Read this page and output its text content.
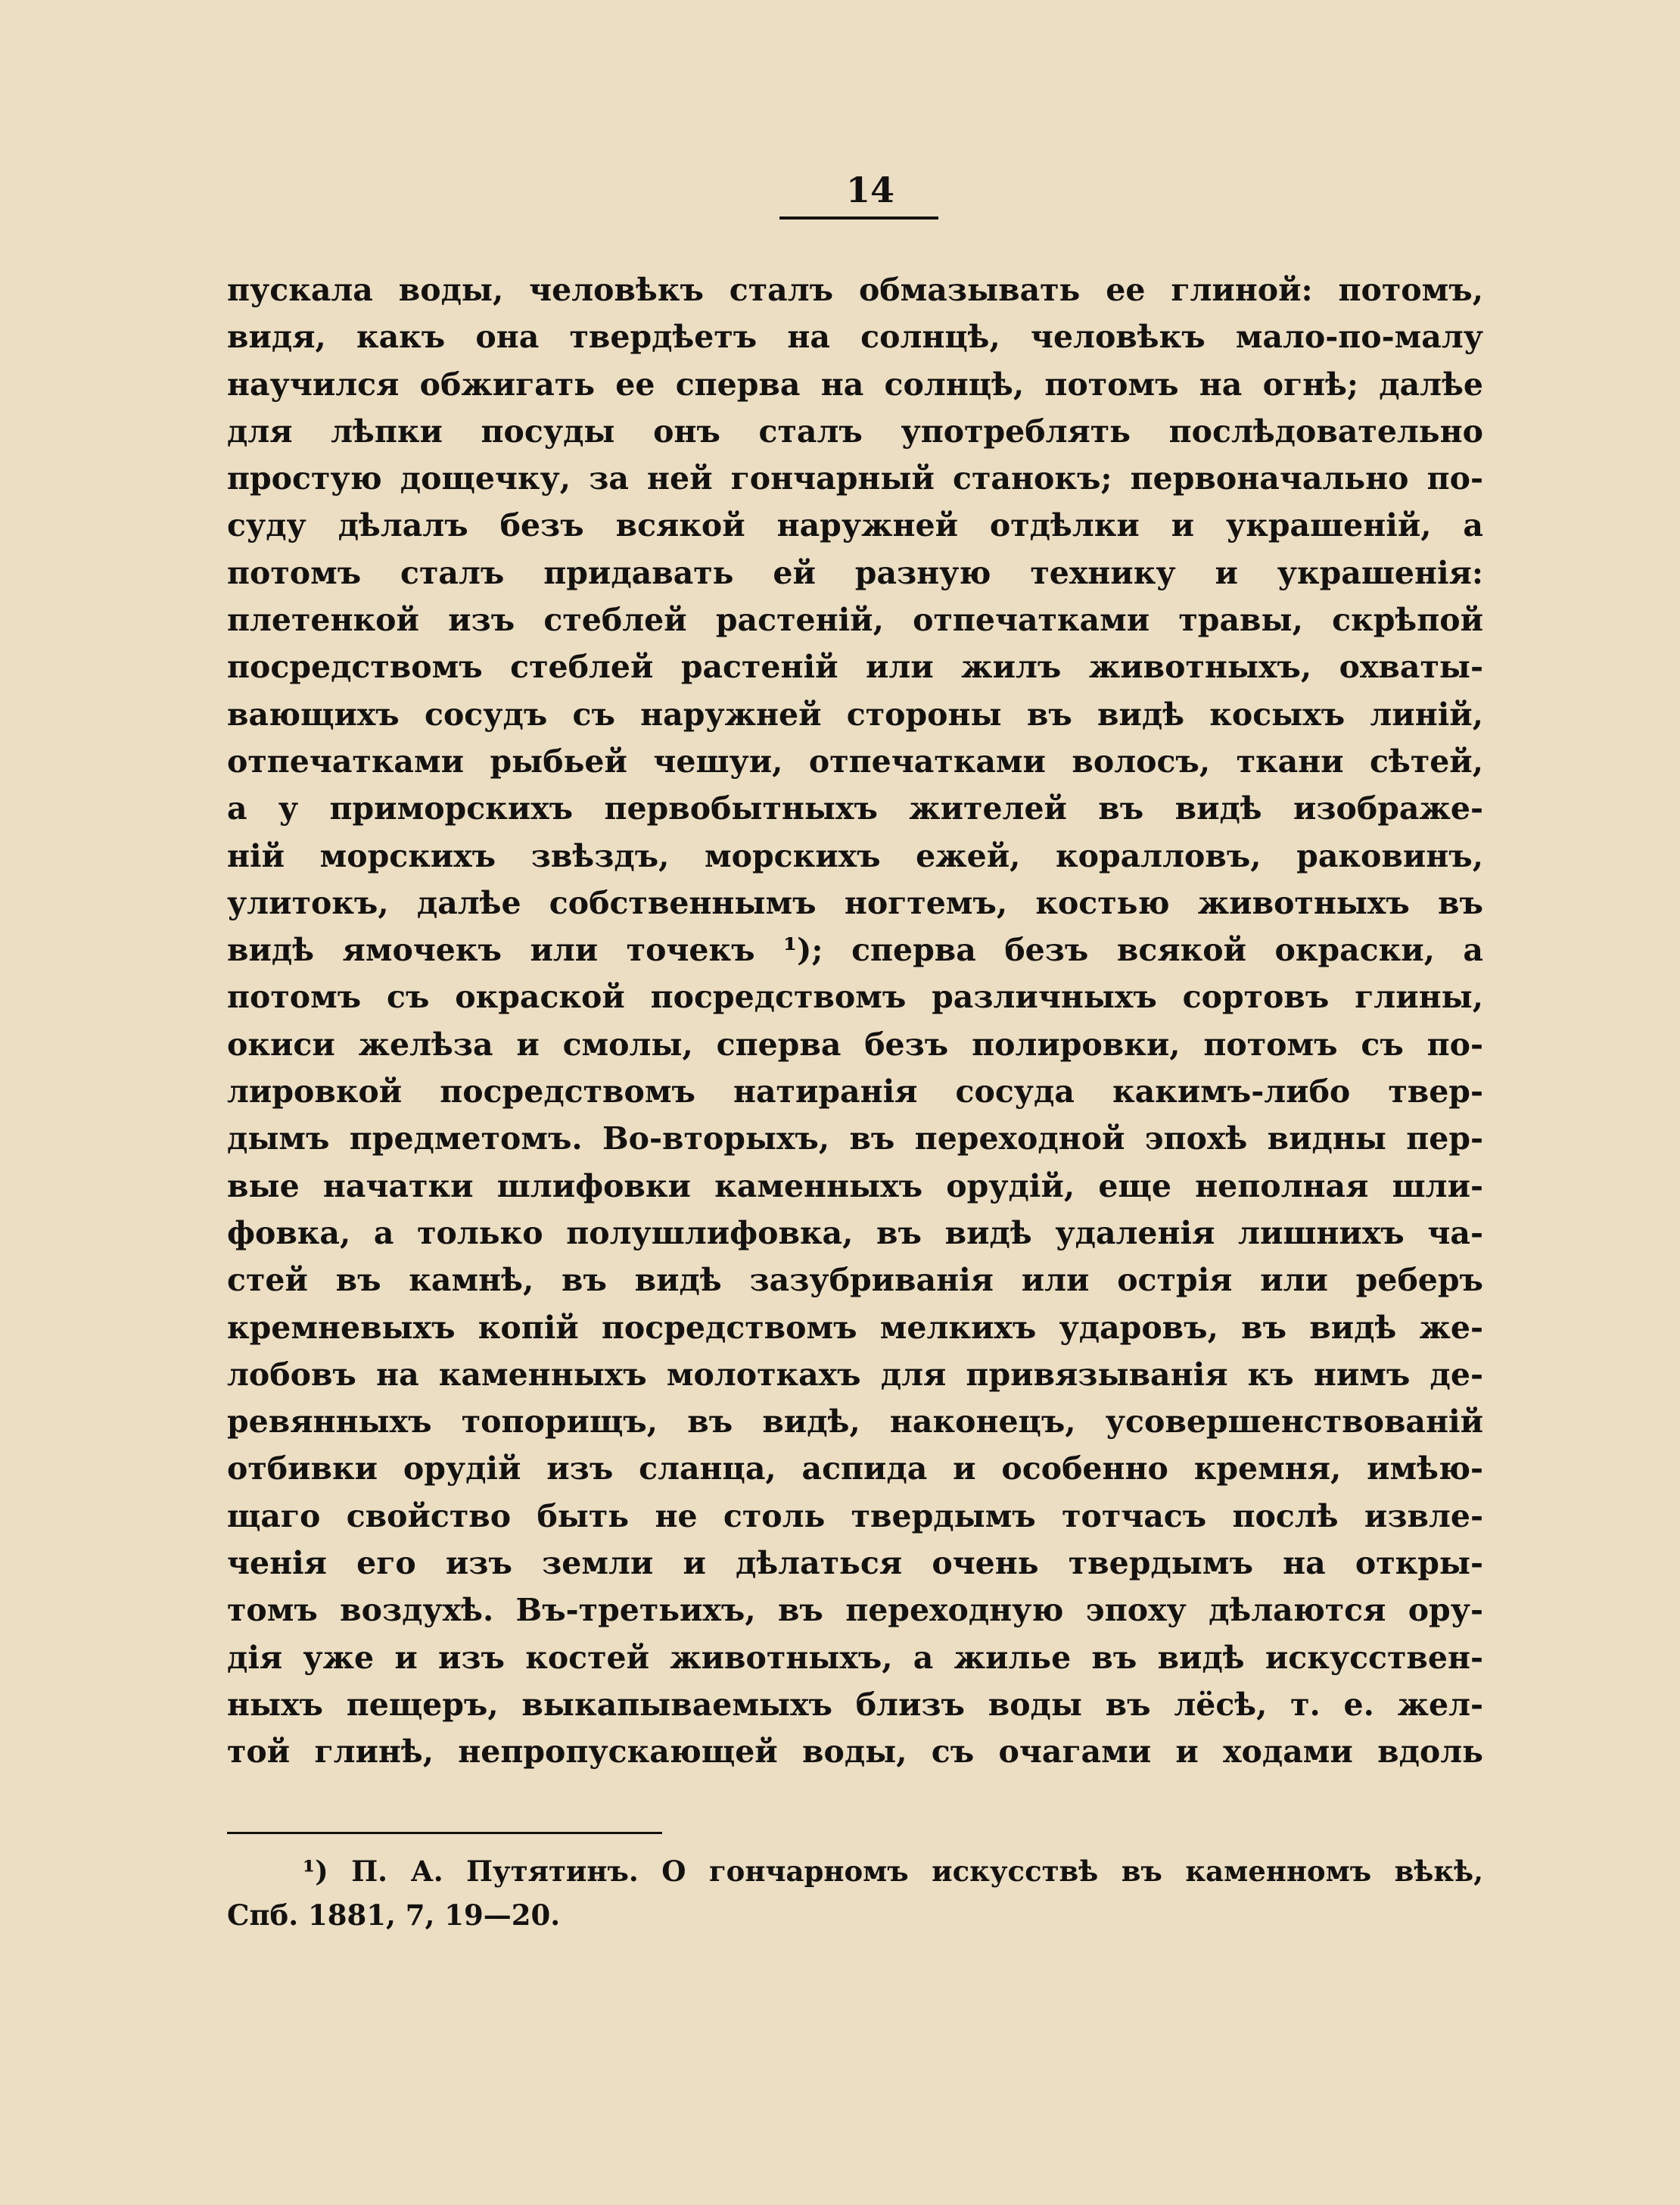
14
пускала воды, человѣкъ сталъ обмазывать ее глиной: потомъ,
видя, какъ она твердѣетъ на солнцѣ, человѣкъ мало-по-малу
научился обжигать ее сперва на солнцѣ, потомъ на огнѣ; далѣе
для лѣпки посуды онъ сталъ употреблять послѣдовательно
простую дощечку, за ней гончарный станокъ; первоначально по-
суду дѣлалъ безъ всякой наружней отдѣлки и украшенiй, а
потомъ сталъ придавать ей разную технику и украшенiя:
плетенкой изъ стеблей растенiй, отпечатками травы, скрѣпой
посредствомъ стеблей растенiй или жилъ животныхъ, охваты-
вающихъ сосудъ съ наружней стороны въ видѣ косыхъ линiй,
отпечатками рыбьей чешуи, отпечатками волосъ, ткани сѣтей,
а у приморскихъ первобытныхъ жителей въ видѣ изображе-
нiй морскихъ звѣздъ, морскихъ ежей, коралловъ, раковинъ,
улитокъ, далѣе собственнымъ ногтемъ, костью животныхъ въ
видѣ ямочекъ или точекъ ¹); сперва безъ всякой окраски, а
потомъ съ окраской посредствомъ различныхъ сортовъ глины,
окиси желѣза и смолы, сперва безъ полировки, потомъ съ по-
лировкой посредствомъ натиранiя сосуда какимъ-либо твер-
дымъ предметомъ. Во-вторыхъ, въ переходной эпохѣ видны пер-
вые начатки шлифовки каменныхъ орудiй, еще неполная шли-
фовка, а только полушлифовка, въ видѣ удаленiя лишнихъ ча-
стей въ камнѣ, въ видѣ зазубриванiя или острiя или реберъ
кремневыхъ копiй посредствомъ мелкихъ ударовъ, въ видѣ же-
лобовъ на каменныхъ молоткахъ для привязыванiя къ нимъ де-
ревянныхъ топорищъ, въ видѣ, наконецъ, усовершенствованiй
отбивки орудiй изъ сланца, аспида и особенно кремня, имѣю-
щаго свойство быть не столь твердымъ тотчасъ послѣ извле-
ченiя его изъ земли и дѣлаться очень твердымъ на откры-
томъ воздухѣ. Въ-третьихъ, въ переходную эпоху дѣлаются ору-
дiя уже и изъ костей животныхъ, а жилье въ видѣ искусствен-
ныхъ пещеръ, выкапываемыхъ близъ воды въ лёсѣ, т. е. жел-
той глинѣ, непропускающей воды, съ очагами и ходами вдоль
¹) П. А. Путятинъ. О гончарномъ искусствѣ въ каменномъ вѣкѣ,
Спб. 1881, 7, 19—20.
